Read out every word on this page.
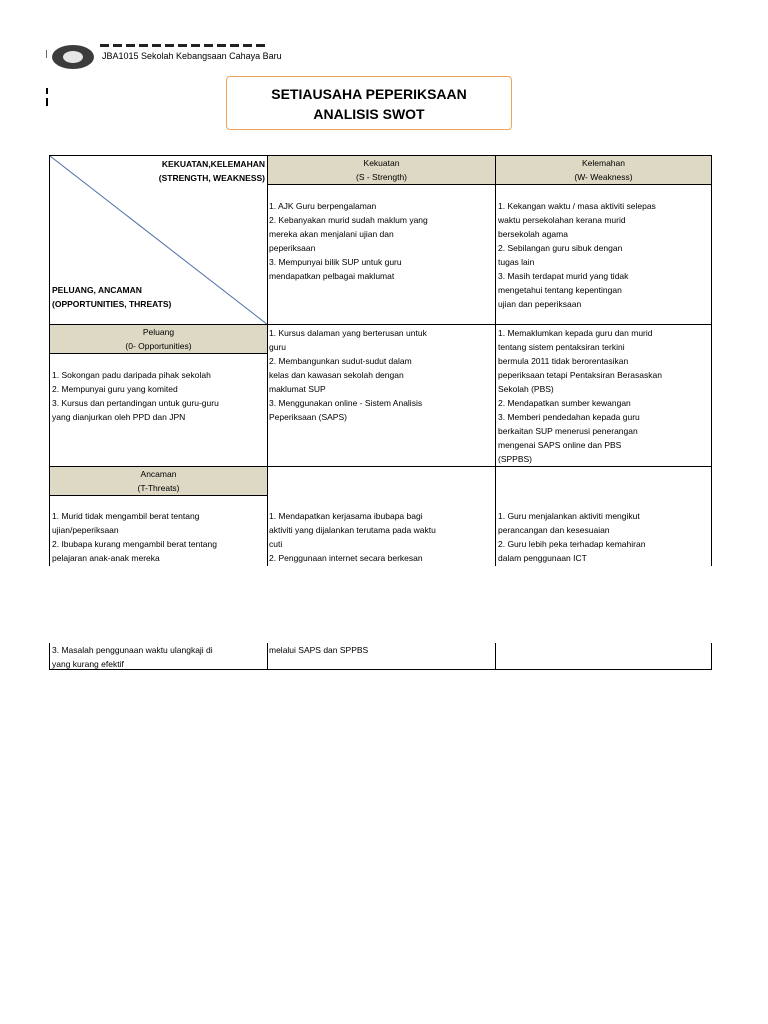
JBA1015 Sekolah Kebangsaan Cahaya Baru
SETIAUSAHA PEPERIKSAAN
ANALISIS SWOT
KEKUATAN,KELEMAHAN
(STRENGTH, WEAKNESS)
PELUANG, ANCAMAN
(OPPORTUNITIES, THREATS)
Kekuatan
(S - Strength)
Kelemahan
(W- Weakness)
Peluang
(0- Opportunities)
Ancaman
(T-Threats)
1. AJK Guru berpengalaman
2. Kebanyakan murid sudah maklum yang
mereka akan menjalani ujian dan
peperiksaan
3. Mempunyai bilik SUP untuk guru
mendapatkan pelbagai maklumat
1. Kekangan waktu / masa aktiviti selepas
waktu persekolahan kerana murid
bersekolah agama
2. Sebilangan guru sibuk dengan
tugas lain
3. Masih terdapat murid yang tidak
mengetahui tentang kepentingan
ujian dan peperiksaan
1. Sokongan padu daripada pihak sekolah
2. Mempunyai guru yang komited
3. Kursus dan pertandingan untuk guru-guru
yang dianjurkan oleh PPD dan JPN
1. Kursus dalaman yang berterusan untuk
guru
2. Membangunkan sudut-sudut dalam
kelas dan kawasan sekolah dengan
maklumat SUP
3. Menggunakan online - Sistem Analisis
Peperiksaan (SAPS)
1. Memaklumkan kepada guru dan murid
tentang sistem pentaksiran terkini
bermula 2011 tidak berorentasikan
peperiksaan tetapi Pentaksiran Berasaskan
Sekolah (PBS)
2. Mendapatkan sumber kewangan
3. Memberi pendedahan kepada guru
berkaitan SUP menerusi penerangan
mengenai SAPS online dan PBS
(SPPBS)
1. Murid tidak mengambil berat tentang
ujian/peperiksaan
2. Ibubapa kurang mengambil berat tentang
pelajaran anak-anak mereka
1. Mendapatkan kerjasama ibubapa bagi
aktiviti yang dijalankan terutama pada waktu
cuti
2. Penggunaan internet secara berkesan
1. Guru menjalankan aktiviti mengikut
perancangan dan kesesuaian
2. Guru lebih peka terhadap kemahiran
dalam penggunaan ICT
3. Masalah penggunaan waktu ulangkaji di
yang kurang efektif
melalui SAPS dan SPPBS
